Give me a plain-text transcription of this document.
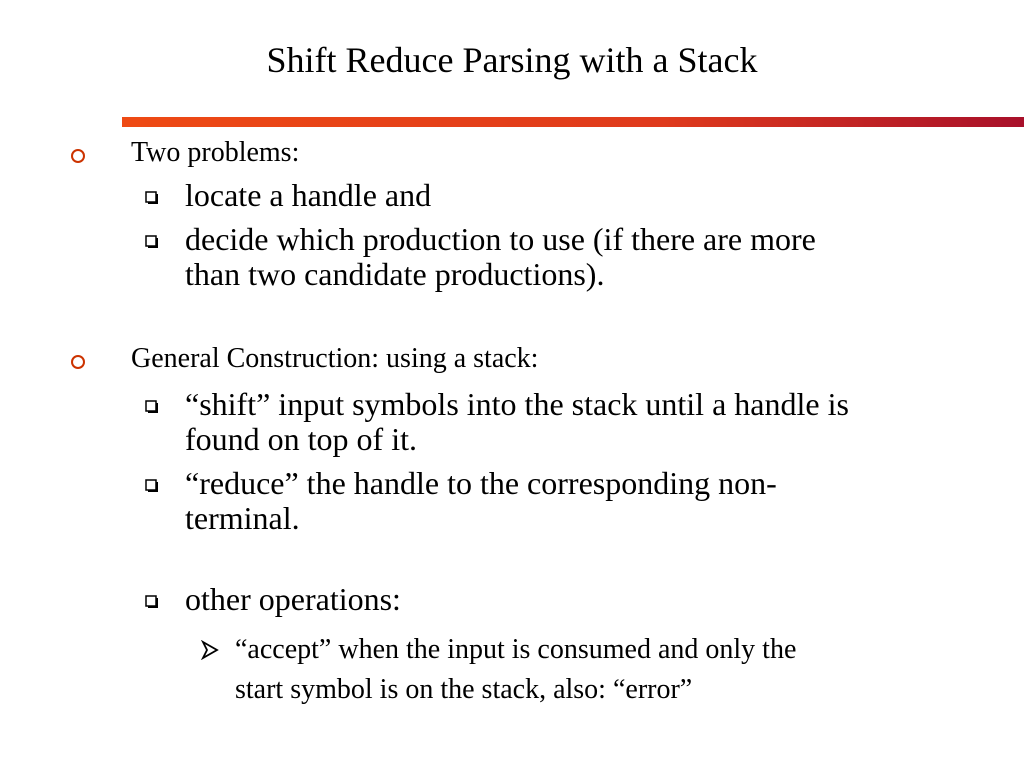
Shift Reduce Parsing with a Stack
Two problems:
locate a handle and
decide which production to use (if there are more
than two candidate productions).
General Construction: using a stack:
“shift” input symbols into the stack until a handle is
found on top of it.
“reduce” the handle to the corresponding non-
terminal.
other operations:
“accept” when the input is consumed and only the
start symbol is on the stack, also: “error”
